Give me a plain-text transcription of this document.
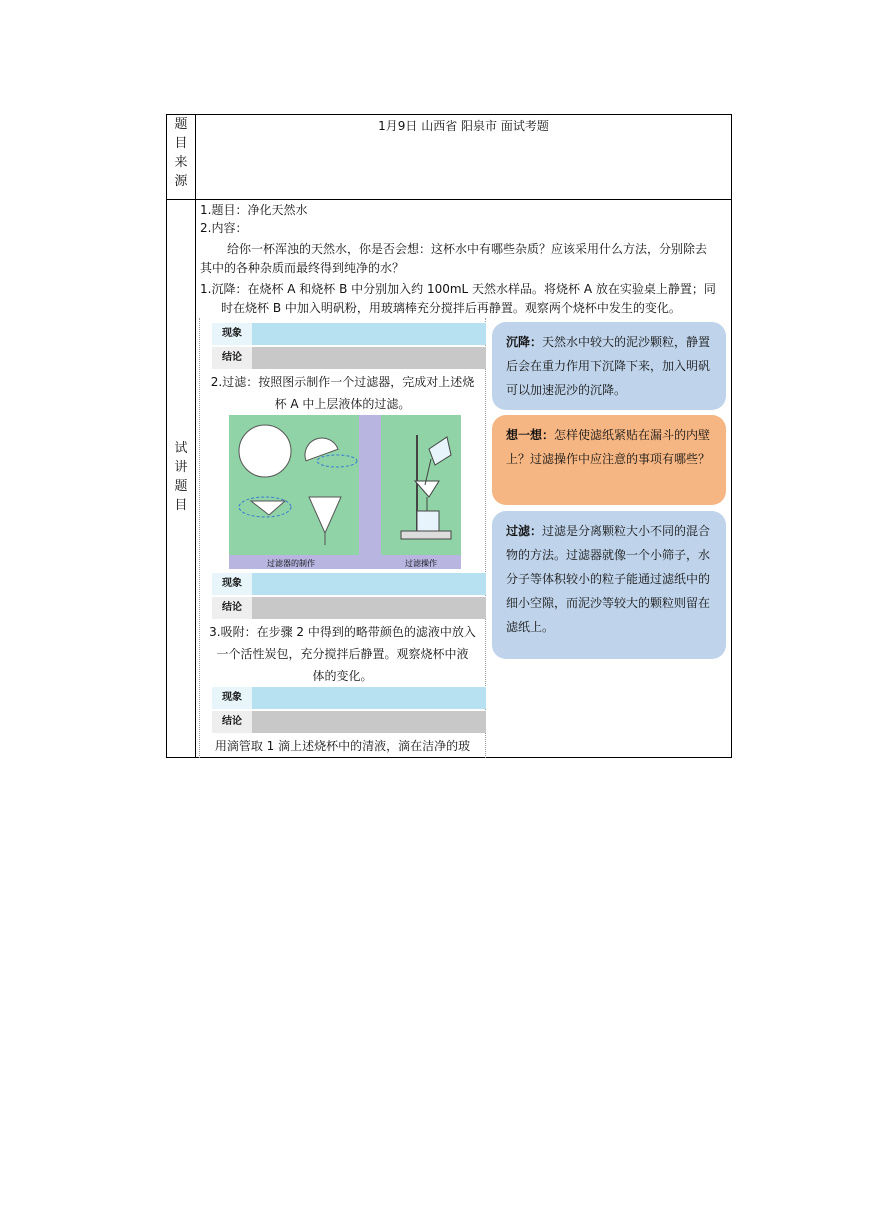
题
目
来
源
1月9日 山西省 阳泉市 面试考题
试
讲
题
目
1.题目：净化天然水
2.内容：
给你一杯浑浊的天然水，你是否会想：这杯水中有哪些杂质？应该采用什么方法，分别除去
其中的各种杂质而最终得到纯净的水？
1.沉降：在烧杯 A 和烧杯 B 中分别加入约 100mL 天然水样品。将烧杯 A 放在实验桌上静置；同
时在烧杯 B 中加入明矾粉，用玻璃棒充分搅拌后再静置。观察两个烧杯中发生的变化。
现象
结论
2.过滤：按照图示制作一个过滤器，完成对上述烧
杯 A 中上层液体的过滤。
过滤器的制作	过滤操作
现象
结论
3.吸附：在步骤 2 中得到的略带颜色的滤液中放入
一个活性炭包，充分搅拌后静置。观察烧杯中液
体的变化。
现象
结论
用滴管取 1 滴上述烧杯中的清液，滴在洁净的玻
沉降：天然水中较大的泥沙颗粒，静置后会在重力作用下沉降下来，加入明矾可以加速泥沙的沉降。
想一想：怎样使滤纸紧贴在漏斗的内壁上？过滤操作中应注意的事项有哪些？
过滤：过滤是分离颗粒大小不同的混合物的方法。过滤器就像一个小筛子，水分子等体积较小的粒子能通过滤纸中的细小空隙，而泥沙等较大的颗粒则留在滤纸上。
